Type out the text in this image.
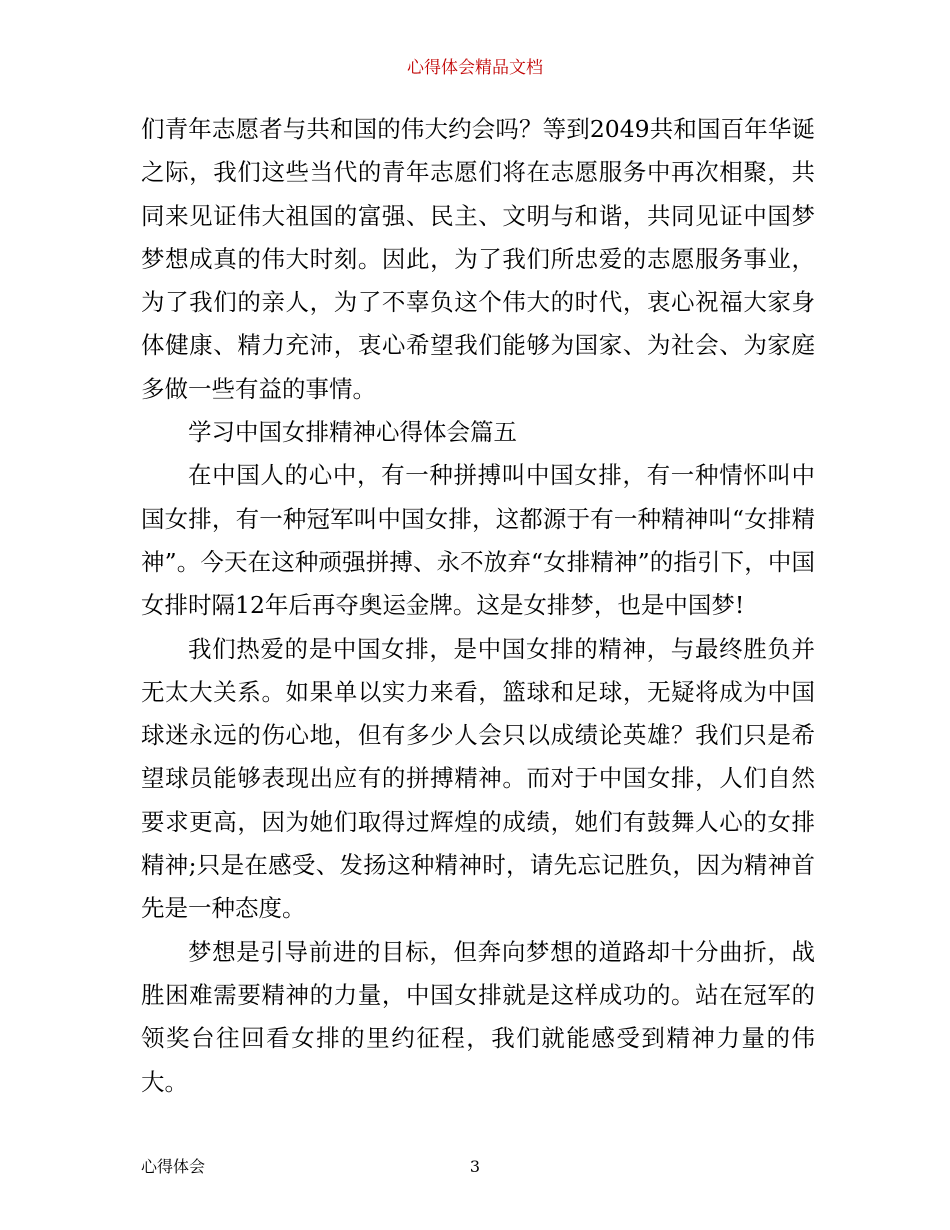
心得体会精品文档

们青年志愿者与共和国的伟大约会吗？等到2049共和国百年华诞之际，我们这些当代的青年志愿们将在志愿服务中再次相聚，共同来见证伟大祖国的富强、民主、文明与和谐，共同见证中国梦梦想成真的伟大时刻。因此，为了我们所忠爱的志愿服务事业，为了我们的亲人，为了不辜负这个伟大的时代，衷心祝福大家身体健康、精力充沛，衷心希望我们能够为国家、为社会、为家庭多做一些有益的事情。

学习中国女排精神心得体会篇五

在中国人的心中，有一种拼搏叫中国女排，有一种情怀叫中国女排，有一种冠军叫中国女排，这都源于有一种精神叫“女排精神”。今天在这种顽强拼搏、永不放弃“女排精神”的指引下，中国女排时隔12年后再夺奥运金牌。这是女排梦，也是中国梦!

我们热爱的是中国女排，是中国女排的精神，与最终胜负并无太大关系。如果单以实力来看，篮球和足球，无疑将成为中国球迷永远的伤心地，但有多少人会只以成绩论英雄？我们只是希望球员能够表现出应有的拼搏精神。而对于中国女排，人们自然要求更高，因为她们取得过辉煌的成绩，她们有鼓舞人心的女排精神;只是在感受、发扬这种精神时，请先忘记胜负，因为精神首先是一种态度。

梦想是引导前进的目标，但奔向梦想的道路却十分曲折，战胜困难需要精神的力量，中国女排就是这样成功的。站在冠军的领奖台往回看女排的里约征程，我们就能感受到精神力量的伟大。

心得体会	3
